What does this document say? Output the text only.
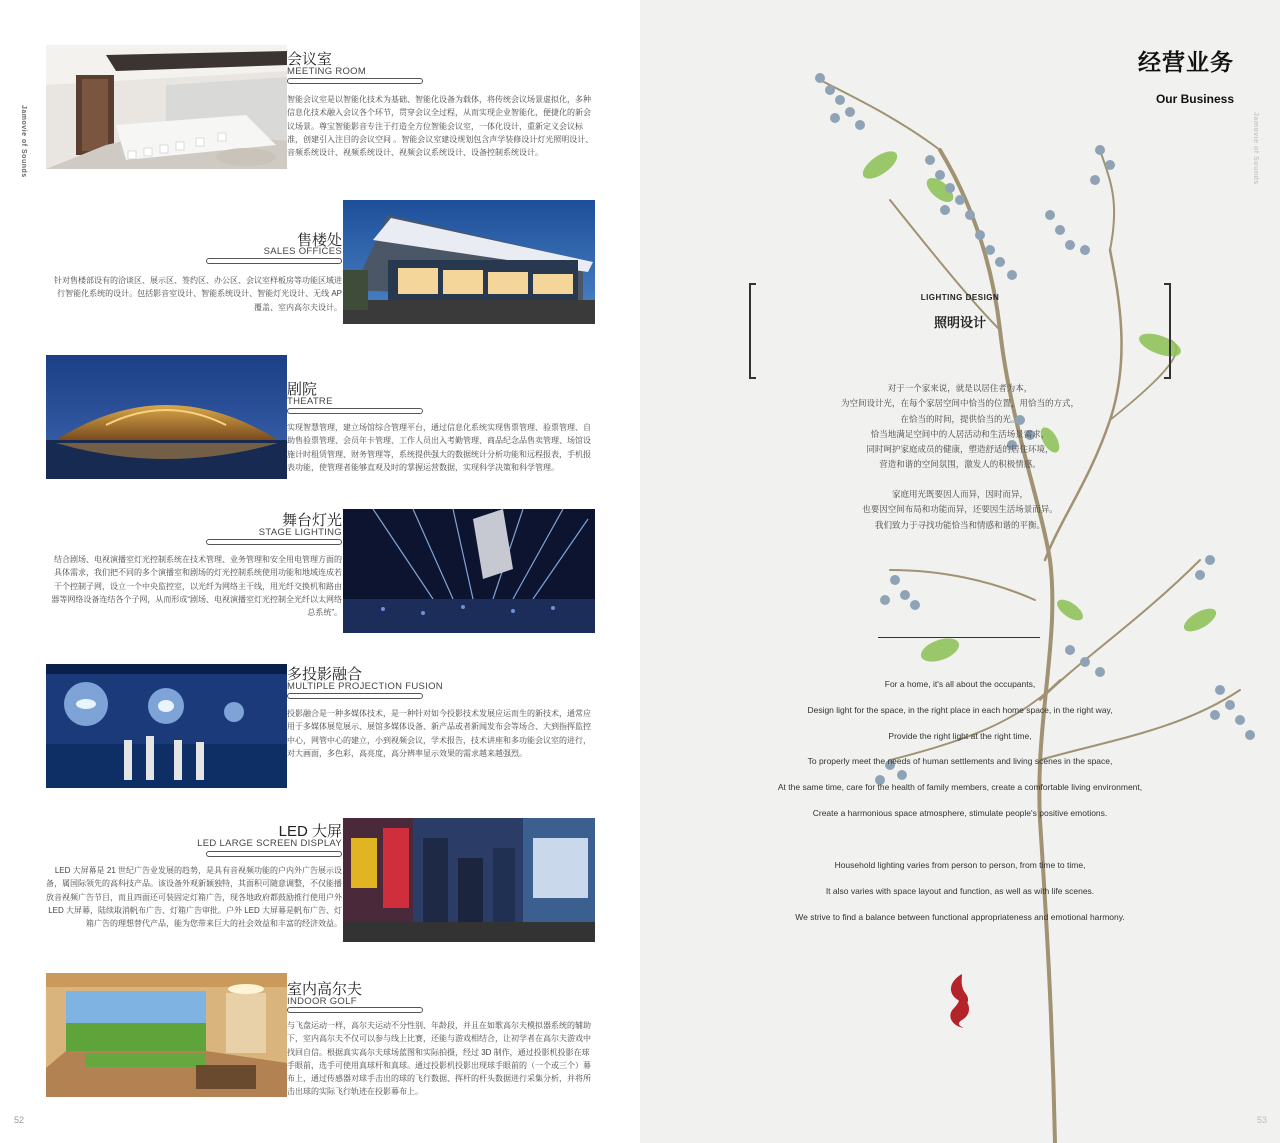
Jamovie of Sounds
52
会议室
MEETING ROOM
智能会议室是以智能化技术为基础、智能化设备为载体，将传统会议场景虚拟化，多种信息化技术融入会议各个环节，贯穿会议全过程，从而实现企业智能化，便捷化的新会议场景。尊宝智能影音专注于打造全方位智能会议室，一体化设计，重新定义会议标准，创建引入注目的会议空间 。智能会议室建设规划包含声学装修设计灯光照明设计、音频系统设计、视频系统设计、视频会议系统设计、设备控制系统设计。
售楼处
SALES OFFICES
针对售楼部设有的洽谈区、展示区、签约区、办公区、会议室样板房等功能区域进行智能化系统的设计。包括影音室设计、智能系统设计、智能灯光设计、无线 AP 覆盖、室内高尔夫设计。
剧院
THEATRE
实现智慧管理，建立场馆综合管理平台，通过信息化系统实现售票管理、验票管理、自助售验票管理、会员年卡管理、工作人员出入考勤管理、商品纪念品售卖管理、场馆设施计时租赁管理、财务管理等，系统提供强大的数据统计分析功能和远程报表，手机报表功能，使管理者能够直观及时的掌握运营数据，实现科学决策和科学管理。
舞台灯光
STAGE LIGHTING
结合剧场、电视演播室灯光控制系统在技术管理、业务管理和安全用电管理方面的具体需求，我们把不同的多个演播室和剧场的灯光控制系统使用功能和地域连成若干个控制子网，设立一个中央监控室，以光纤为网络主干线，用光纤交换机和路由器等网络设备连结各个子网，从而形成“剧场、电视演播室灯光控制全光纤以太网络总系统”。
多投影融合
MULTIPLE PROJECTION FUSION
投影融合是一种多媒体技术，是一种针对如今投影技术发展应运而生的新技术，通常应用于多媒体展览展示、展馆多媒体设备、新产品或者新闻发布会等场合、大到指挥监控中心，网管中心的建立，小到视频会议，学术报告，技术讲座和多功能会议室的进行，对大画面，多色彩，高亮度，高分辨率显示效果的需求越来越强烈。
LED 大屏
LED LARGE SCREEN DISPLAY
LED 大屏幕是 21 世纪广告业发展的趋势，是具有音视频功能的户内外广告展示设备，属国际领先的高科技产品。该设备外观新颖独特，其面积可随意调整，不仅能播放音视频广告节目，而且四面还可装固定灯箱广告，现各地政府都鼓励推行使用户外 LED 大屏幕，陆续取消帆布广告、灯箱广告审批。户外 LED 大屏幕是帆布广告、灯箱广告的理想替代产品，能为您带来巨大的社会效益和丰富的经济效益。
室内高尔夫
INDOOR GOLF
与飞盘运动一样，高尔夫运动不分性别、年龄段，并且在如歌高尔夫模拟器系统的辅助下，室内高尔夫不仅可以参与线上比赛，还能与游戏相结合，让初学者在高尔夫游戏中找回自信。根据真实高尔夫球场蓝图和实际拍摄，经过 3D 制作，通过投影机投影在球手眼前，选手可使用真球杆和真球。通过投影机投影出现球手眼前的（一个或三个）幕布上，通过传感器对球手击出的球的飞行数据、挥杆的杆头数据进行采集分析，并将所击出球的实际飞行轨迹在投影幕布上。
Jamovie of Sounds
53
经营业务
Our Business
LIGHTING DESIGN
照明设计
对于一个家来说，就是以居住者为本，
为空间设计光，在每个家居空间中恰当的位置，用恰当的方式，
在恰当的时间，提供恰当的光。
恰当地满足空间中的人居活动和生活场景需求，
同时呵护家庭成员的健康，塑造舒适的居住环境，
营造和谐的空间氛围，激发人的积极情感。
家庭用光既要因人而异，因时而异，
也要因空间布局和功能而异，还要因生活场景而异。
我们致力于寻找功能恰当和情感和谐的平衡。
For a home, it's all about the occupants,
Design light for the space, in the right place in each home space, in the right way,
Provide the right light at the right time,
To properly meet the needs of human settlements and living scenes in the space,
At the same time, care for the health of family members, create a comfortable living environment,
Create a harmonious space atmosphere, stimulate people's positive emotions.
Household lighting varies from person to person, from time to time,
It also varies with space layout and function, as well as with life scenes.
We strive to find a balance between functional appropriateness and emotional harmony.
